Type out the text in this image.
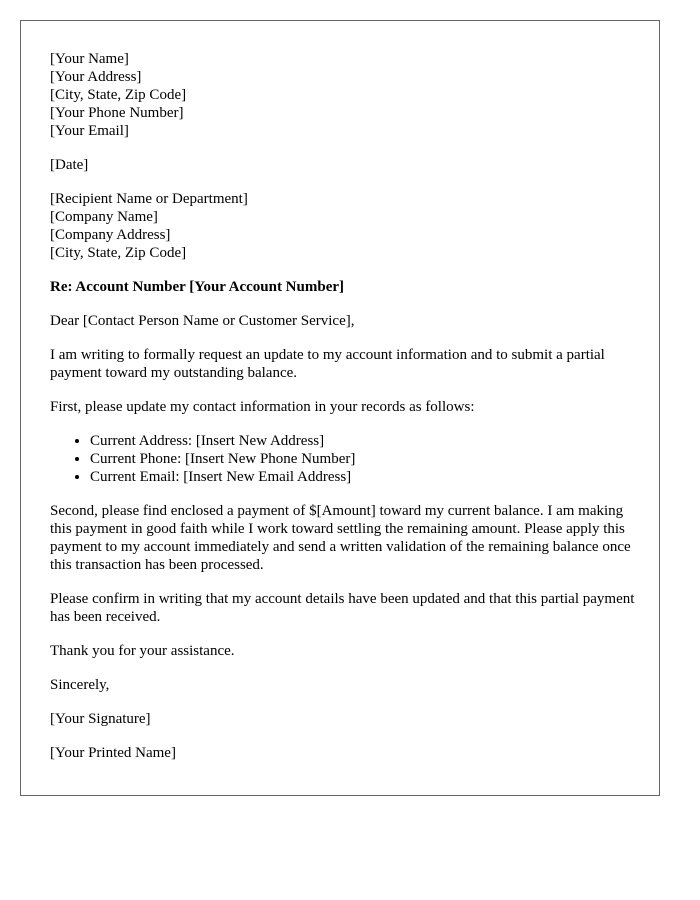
[Your Name]
[Your Address]
[City, State, Zip Code]
[Your Phone Number]
[Your Email]
[Date]
[Recipient Name or Department]
[Company Name]
[Company Address]
[City, State, Zip Code]
Re: Account Number [Your Account Number]

Dear [Contact Person Name or Customer Service],

I am writing to formally request an update to my account information and to submit a partial payment toward my outstanding balance.

First, please update my contact information in your records as follows:

• Current Address: [Insert New Address]
• Current Phone: [Insert New Phone Number]
• Current Email: [Insert New Email Address]

Second, please find enclosed a payment of $[Amount] toward my current balance. I am making this payment in good faith while I work toward settling the remaining amount. Please apply this payment to my account immediately and send a written validation of the remaining balance once this transaction has been processed.

Please confirm in writing that my account details have been updated and that this partial payment has been received.

Thank you for your assistance.

Sincerely,

[Your Signature]

[Your Printed Name]
